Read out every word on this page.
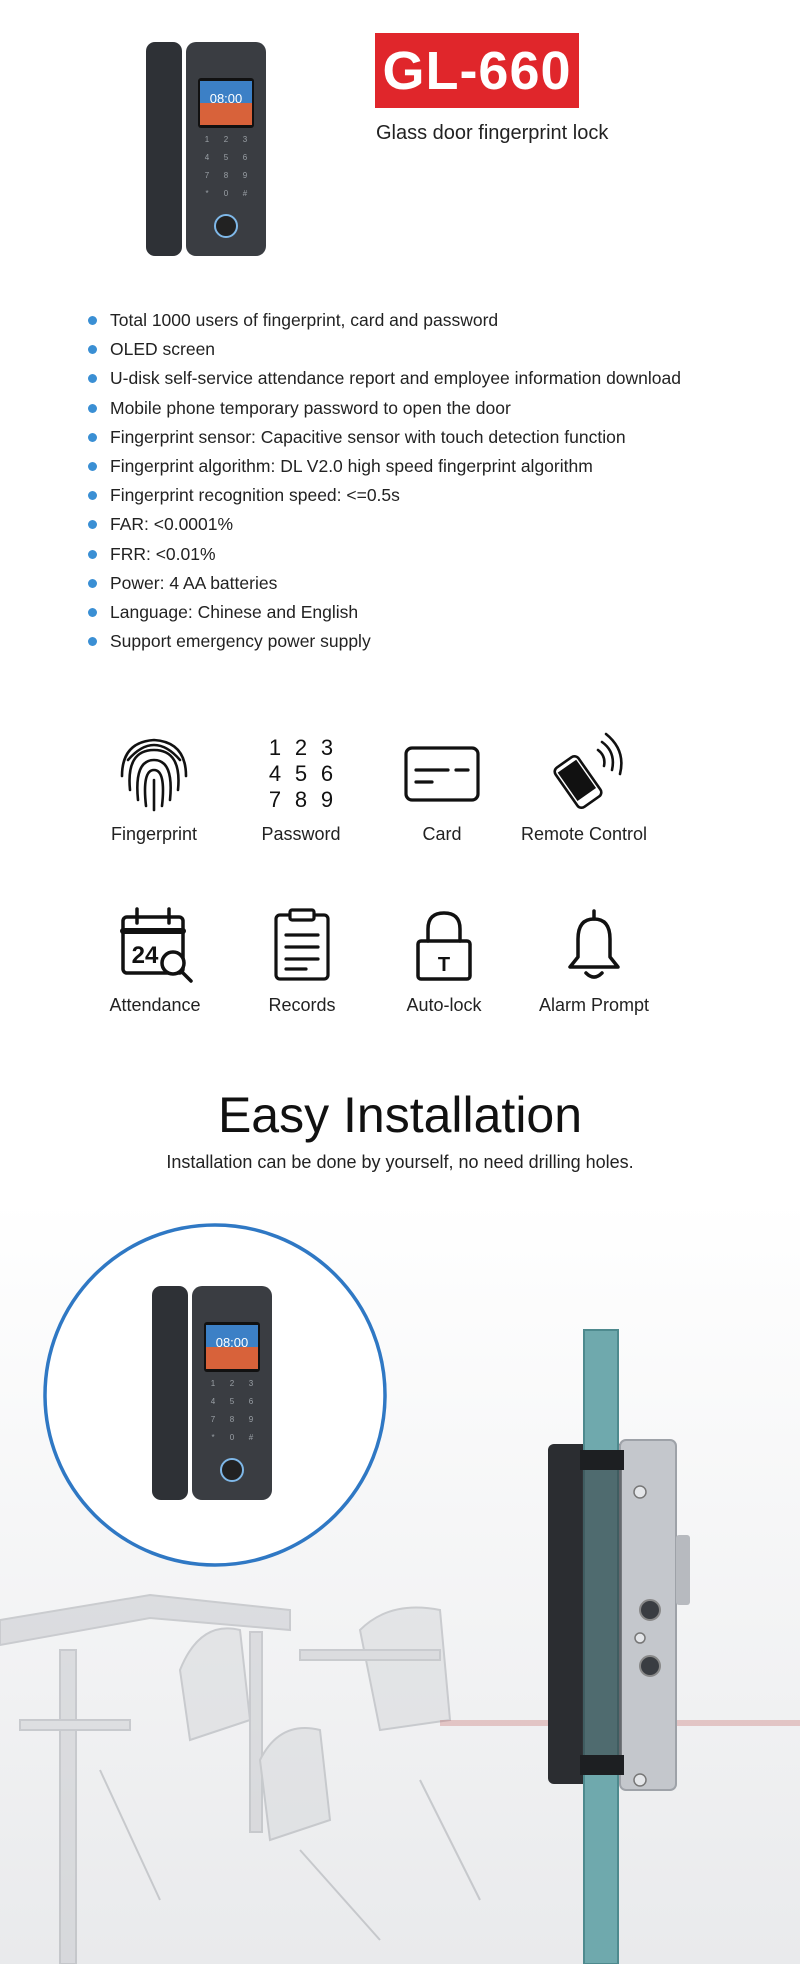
08:00
1 2 3
4 5 6
7 8 9
* 0 #
GL-660
Glass door fingerprint lock
Total 1000 users of fingerprint, card and password
OLED screen
U-disk self-service attendance report and employee information download
Mobile phone temporary password to open the door
Fingerprint sensor: Capacitive sensor with touch detection function
Fingerprint algorithm: DL V2.0 high speed fingerprint algorithm
Fingerprint recognition speed: <=0.5s
FAR: <0.0001%
FRR: <0.01%
Power: 4 AA batteries
Language: Chinese and English
Support emergency power supply
Fingerprint
1 2 3
4 5 6
7 8 9
Password	Card	Remote Control
24
Attendance	Records
T
Auto-lock	Alarm Prompt
Easy Installation
Installation can be done by yourself, no need drilling holes.
08:00
1 2 3
4 5 6
7 8 9
* 0 #
